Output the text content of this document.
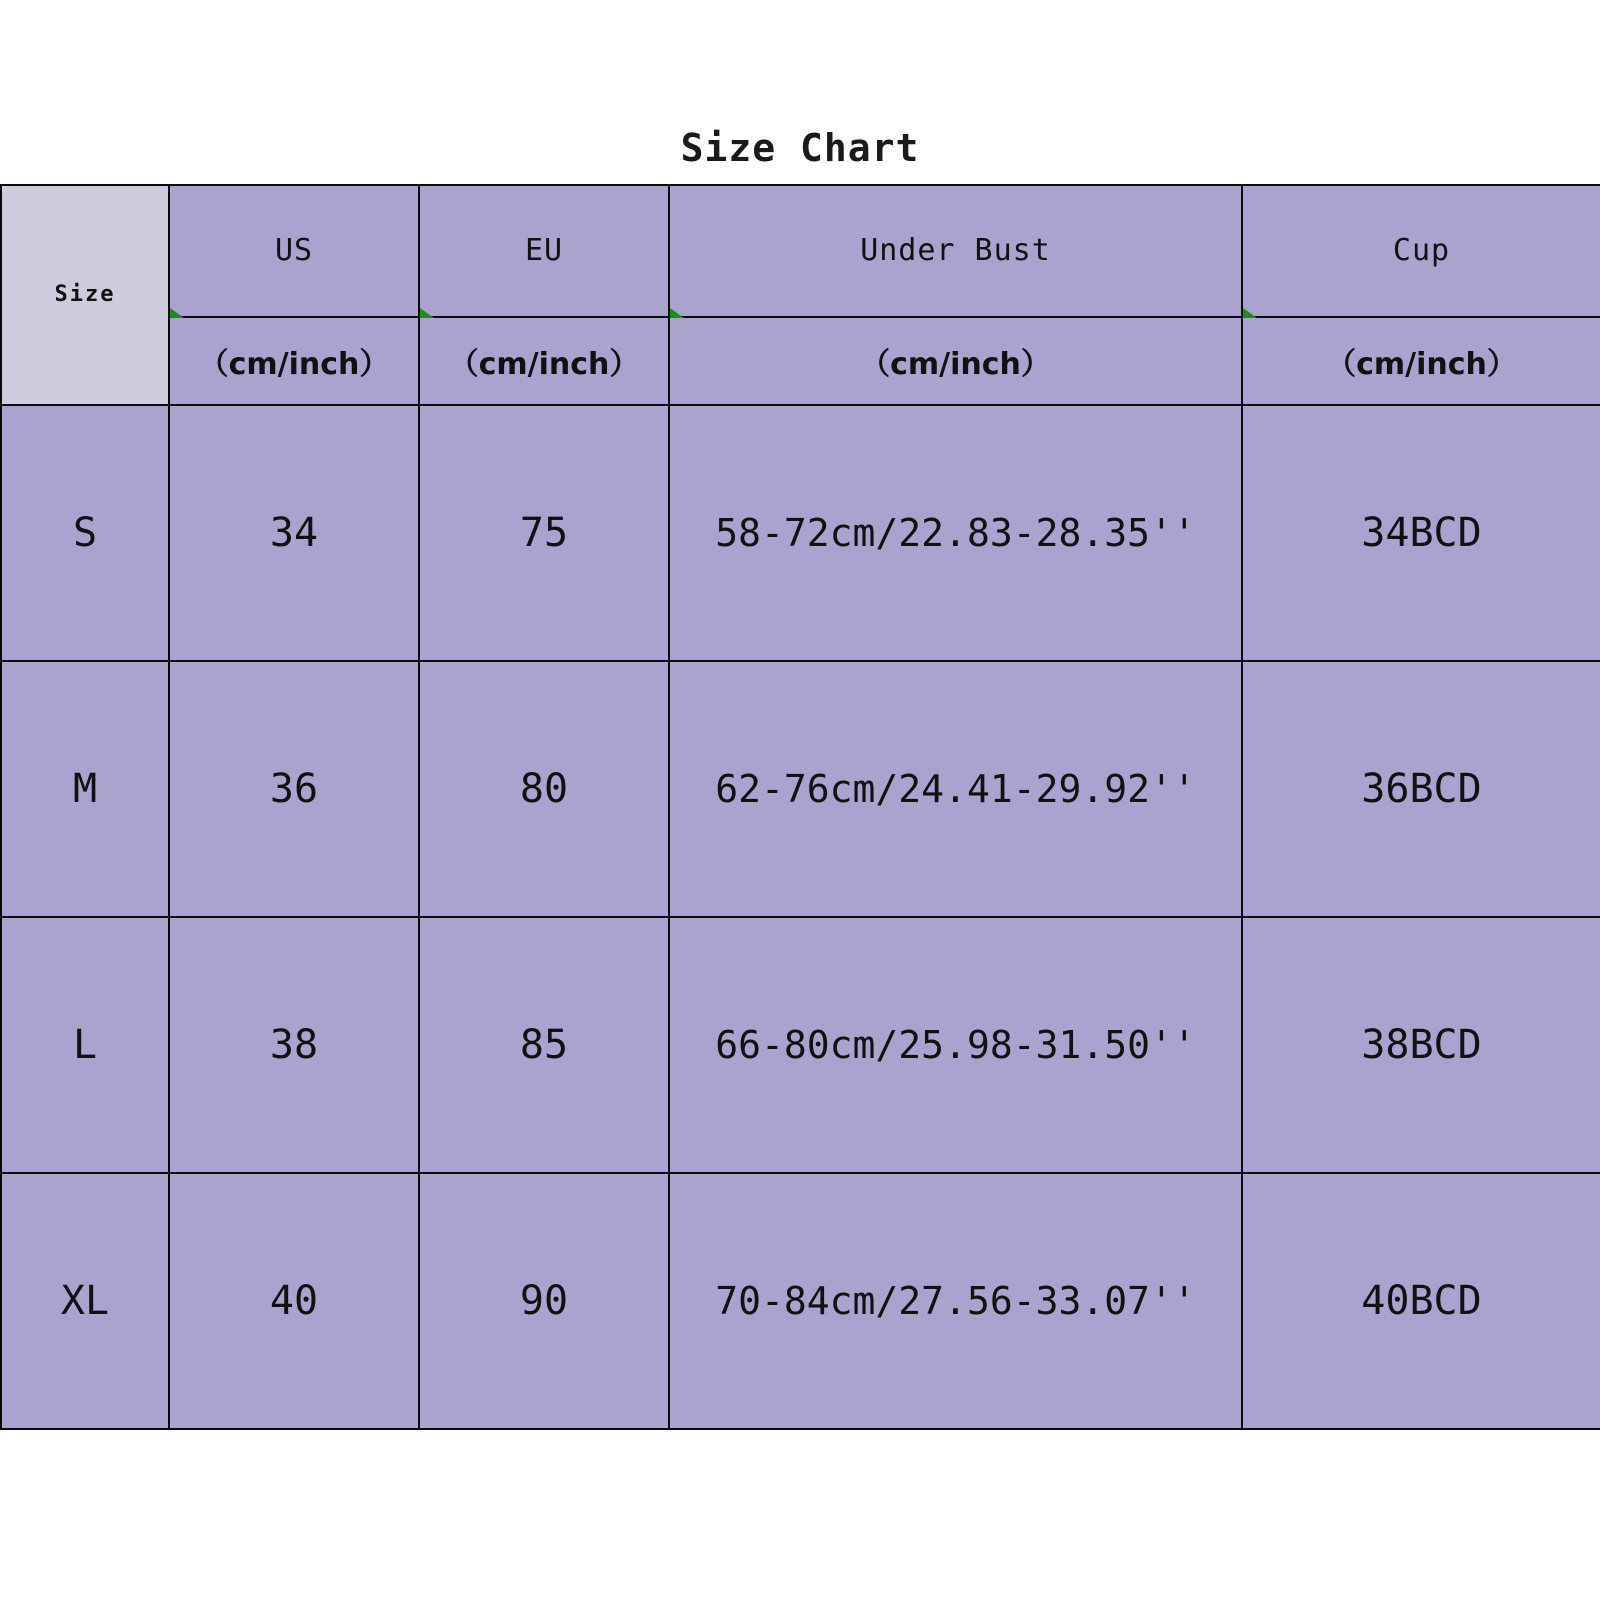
Size Chart
Size	US	EU	Under Bust	Cup

	（cm/inch）	（cm/inch）	（cm/inch）	（cm/inch）
S	34	75	58-72cm/22.83-28.35''	34BCD
M	36	80	62-76cm/24.41-29.92''	36BCD
L	38	85	66-80cm/25.98-31.50''	38BCD
XL	40	90	70-84cm/27.56-33.07''	40BCD
